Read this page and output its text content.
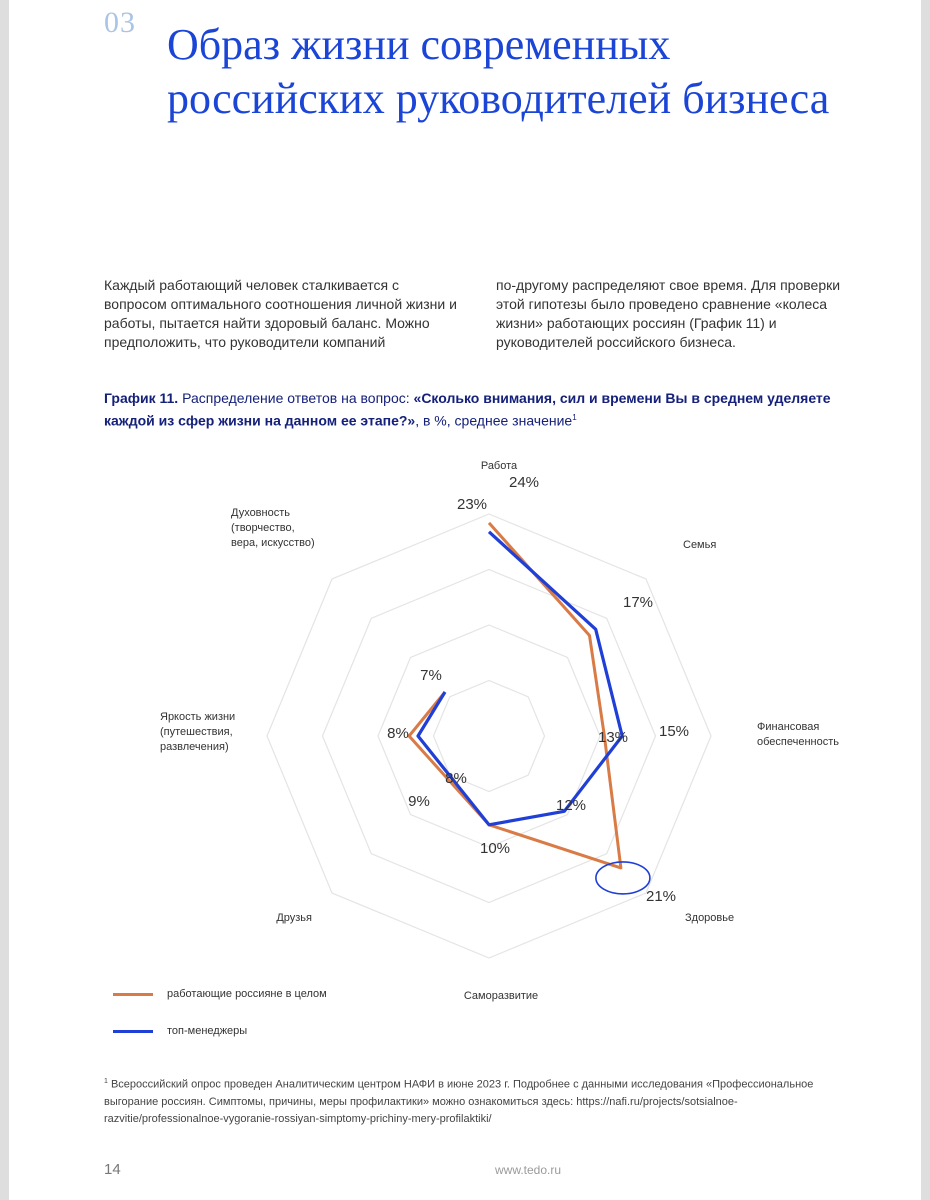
03 Образ жизни современных российских руководителей бизнеса

Каждый работающий человек сталкивается с вопросом оптимального соотношения личной жизни и работы, пытается найти здоровый баланс. Можно предположить, что руководители компаний

по-другому распределяют свое время. Для проверки этой гипотезы было проведено сравнение «колеса жизни» работающих россиян (График 11) и руководителей российского бизнеса.

График 11. Распределение ответов на вопрос: «Сколько внимания, сил и времени Вы в среднем уделяете каждой из сфер жизни на данном ее этапе?», в %, среднее значение$^1$

Работа
Семья
Финансовая обеспеченность
Здоровье
Саморазвитие
Друзья
Яркость жизни (путешествия, развлечения)
Духовность (творчество, вера, искусство)
24%
13%
21%
10%
9%
7%
23%
17%
15%
12%
8%
8%
работающие россияне в целом
топ-менеджеры

$^1$ Всероссийский опрос проведен Аналитическим центром НАФИ в июне 2023 г. Подробнее с данными исследования «Профессиональное выгорание россиян. Симптомы, причины, меры профилактики» можно ознакомиться здесь: https://nafi.ru/projects/sotsialnoe-razvitie/professionalnoe-vygoranie-rossiyan-simptomy-prichiny-mery-profilaktiki/

14	www.tedo.ru
